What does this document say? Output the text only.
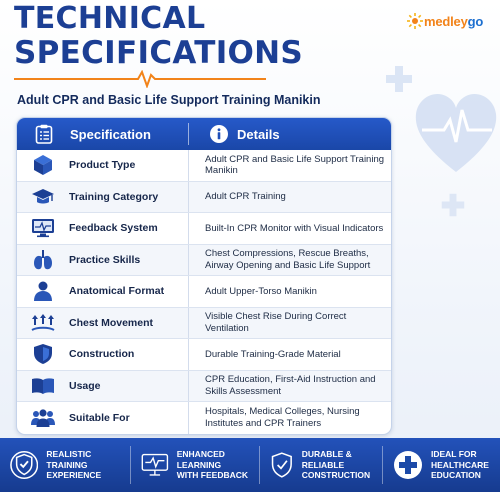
TECHNICAL
SPECIFICATIONS

Adult CPR and Basic Life Support Training Manikin

medleygo
Specification	Details
Product Type	Adult CPR and Basic Life Support Training Manikin
Training Category	Adult CPR Training
Feedback System	Built-In CPR Monitor with Visual Indicators
Practice Skills	Chest Compressions, Rescue Breaths, Airway Opening and Basic Life Support
Anatomical Format	Adult Upper-Torso Manikin
Chest Movement	Visible Chest Rise During Correct Ventilation
Construction	Durable Training-Grade Material
Usage	CPR Education, First-Aid Instruction and Skills Assessment
Suitable For	Hospitals, Medical Colleges, Nursing Institutes and CPR Trainers
REALISTIC TRAINING
EXPERIENCE
ENHANCED LEARNING
WITH FEEDBACK
DURABLE & RELIABLE
CONSTRUCTION
IDEAL FOR
HEALTHCARE
EDUCATION
